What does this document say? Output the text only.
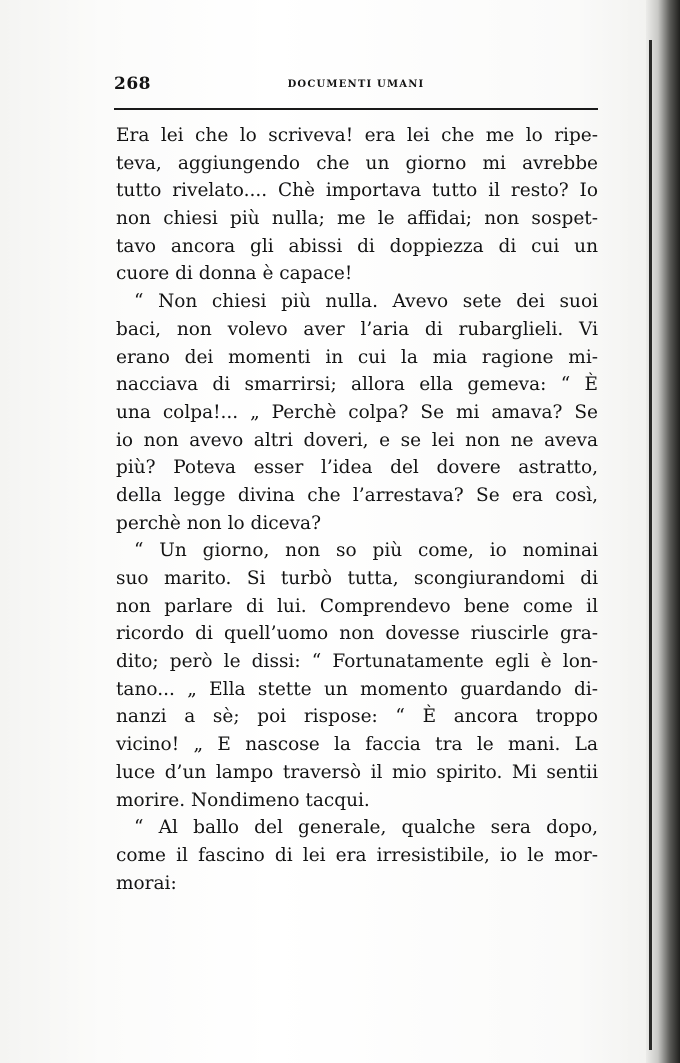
268	DOCUMENTI UMANI
Era lei che lo scriveva! era lei che me lo ripe-
teva, aggiungendo che un giorno mi avrebbe
tutto rivelato.... Chè importava tutto il resto? Io
non chiesi più nulla; me le affidai; non sospet-
tavo ancora gli abissi di doppiezza di cui un
cuore di donna è capace!
“ Non chiesi più nulla. Avevo sete dei suoi
baci, non volevo aver l’aria di rubarglieli. Vi
erano dei momenti in cui la mia ragione mi-
nacciava di smarrirsi; allora ella gemeva: “ È
una colpa!... „ Perchè colpa? Se mi amava? Se
io non avevo altri doveri, e se lei non ne aveva
più? Poteva esser l’idea del dovere astratto,
della legge divina che l’arrestava? Se era così,
perchè non lo diceva?
“ Un giorno, non so più come, io nominai
suo marito. Si turbò tutta, scongiurandomi di
non parlare di lui. Comprendevo bene come il
ricordo di quell’uomo non dovesse riuscirle gra-
dito; però le dissi: “ Fortunatamente egli è lon-
tano... „ Ella stette un momento guardando di-
nanzi a sè; poi rispose: “ È ancora troppo
vicino! „ E nascose la faccia tra le mani. La
luce d’un lampo traversò il mio spirito. Mi sentii
morire. Nondimeno tacqui.
“ Al ballo del generale, qualche sera dopo,
come il fascino di lei era irresistibile, io le mor-
morai:
